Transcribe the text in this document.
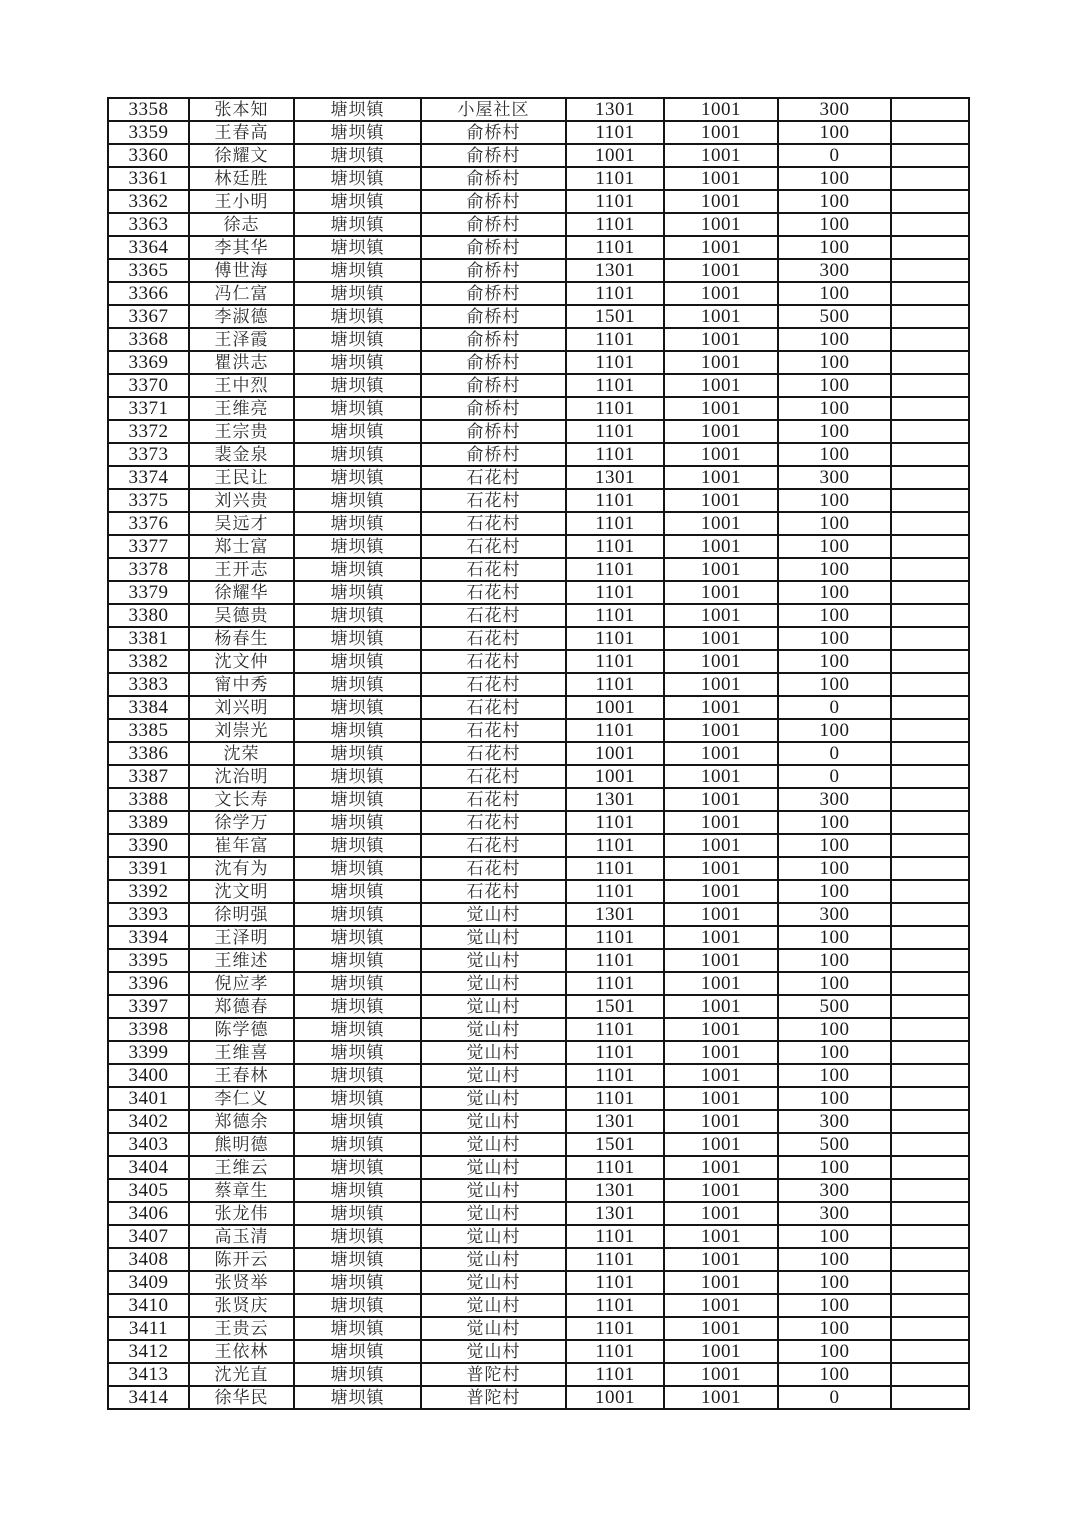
3358	张本知	塘坝镇	小屋社区	1301	1001	300	
3359	王春高	塘坝镇	俞桥村	1101	1001	100	
3360	徐耀文	塘坝镇	俞桥村	1001	1001	0	
3361	林廷胜	塘坝镇	俞桥村	1101	1001	100	
3362	王小明	塘坝镇	俞桥村	1101	1001	100	
3363	徐志	塘坝镇	俞桥村	1101	1001	100	
3364	李其华	塘坝镇	俞桥村	1101	1001	100	
3365	傅世海	塘坝镇	俞桥村	1301	1001	300	
3366	冯仁富	塘坝镇	俞桥村	1101	1001	100	
3367	李淑德	塘坝镇	俞桥村	1501	1001	500	
3368	王泽霞	塘坝镇	俞桥村	1101	1001	100	
3369	瞿洪志	塘坝镇	俞桥村	1101	1001	100	
3370	王中烈	塘坝镇	俞桥村	1101	1001	100	
3371	王维亮	塘坝镇	俞桥村	1101	1001	100	
3372	王宗贵	塘坝镇	俞桥村	1101	1001	100	
3373	裴金泉	塘坝镇	俞桥村	1101	1001	100	
3374	王民让	塘坝镇	石花村	1301	1001	300	
3375	刘兴贵	塘坝镇	石花村	1101	1001	100	
3376	吴远才	塘坝镇	石花村	1101	1001	100	
3377	郑士富	塘坝镇	石花村	1101	1001	100	
3378	王开志	塘坝镇	石花村	1101	1001	100	
3379	徐耀华	塘坝镇	石花村	1101	1001	100	
3380	吴德贵	塘坝镇	石花村	1101	1001	100	
3381	杨春生	塘坝镇	石花村	1101	1001	100	
3382	沈文仲	塘坝镇	石花村	1101	1001	100	
3383	甯中秀	塘坝镇	石花村	1101	1001	100	
3384	刘兴明	塘坝镇	石花村	1001	1001	0	
3385	刘崇光	塘坝镇	石花村	1101	1001	100	
3386	沈荣	塘坝镇	石花村	1001	1001	0	
3387	沈治明	塘坝镇	石花村	1001	1001	0	
3388	文长寿	塘坝镇	石花村	1301	1001	300	
3389	徐学万	塘坝镇	石花村	1101	1001	100	
3390	崔年富	塘坝镇	石花村	1101	1001	100	
3391	沈有为	塘坝镇	石花村	1101	1001	100	
3392	沈文明	塘坝镇	石花村	1101	1001	100	
3393	徐明强	塘坝镇	觉山村	1301	1001	300	
3394	王泽明	塘坝镇	觉山村	1101	1001	100	
3395	王维述	塘坝镇	觉山村	1101	1001	100	
3396	倪应孝	塘坝镇	觉山村	1101	1001	100	
3397	郑德春	塘坝镇	觉山村	1501	1001	500	
3398	陈学德	塘坝镇	觉山村	1101	1001	100	
3399	王维喜	塘坝镇	觉山村	1101	1001	100	
3400	王春林	塘坝镇	觉山村	1101	1001	100	
3401	李仁义	塘坝镇	觉山村	1101	1001	100	
3402	郑德余	塘坝镇	觉山村	1301	1001	300	
3403	熊明德	塘坝镇	觉山村	1501	1001	500	
3404	王维云	塘坝镇	觉山村	1101	1001	100	
3405	蔡章生	塘坝镇	觉山村	1301	1001	300	
3406	张龙伟	塘坝镇	觉山村	1301	1001	300	
3407	高玉清	塘坝镇	觉山村	1101	1001	100	
3408	陈开云	塘坝镇	觉山村	1101	1001	100	
3409	张贤举	塘坝镇	觉山村	1101	1001	100	
3410	张贤庆	塘坝镇	觉山村	1101	1001	100	
3411	王贵云	塘坝镇	觉山村	1101	1001	100	
3412	王依林	塘坝镇	觉山村	1101	1001	100	
3413	沈光直	塘坝镇	普陀村	1101	1001	100	
3414	徐华民	塘坝镇	普陀村	1001	1001	0	
